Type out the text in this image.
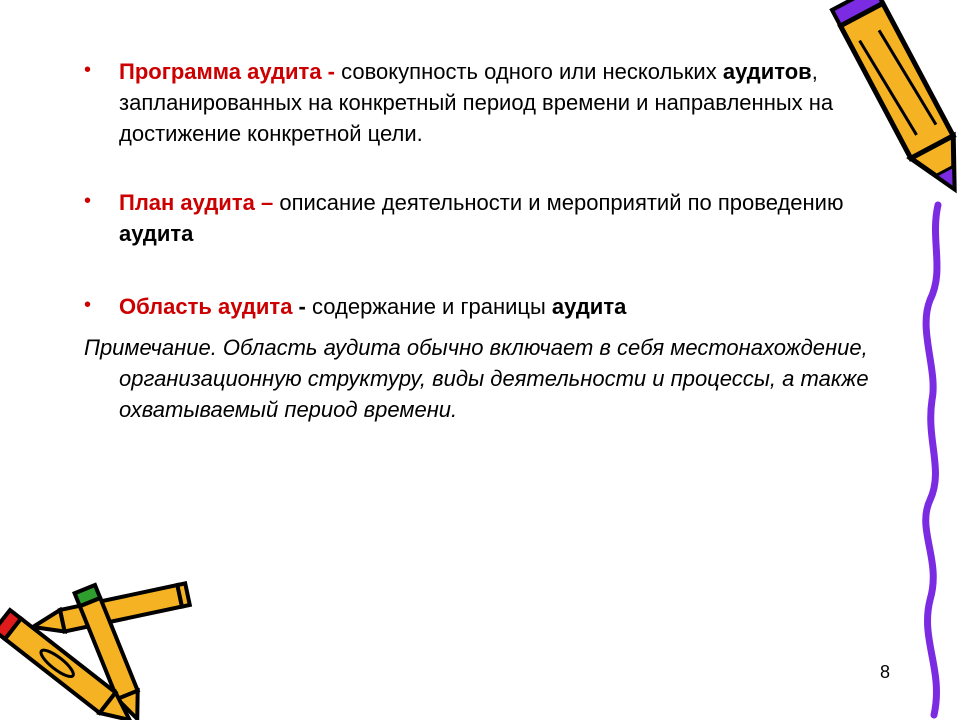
• Программа аудита - совокупность одного или нескольких аудитов, запланированных на конкретный период времени и направленных на достижение конкретной цели.
• План аудита – описание деятельности и мероприятий по проведению аудита
• Область аудита - содержание и границы аудита
Примечание. Область аудита обычно включает в себя местонахождение, организационную структуру, виды деятельности и процессы, а также охватываемый период времени.
8
